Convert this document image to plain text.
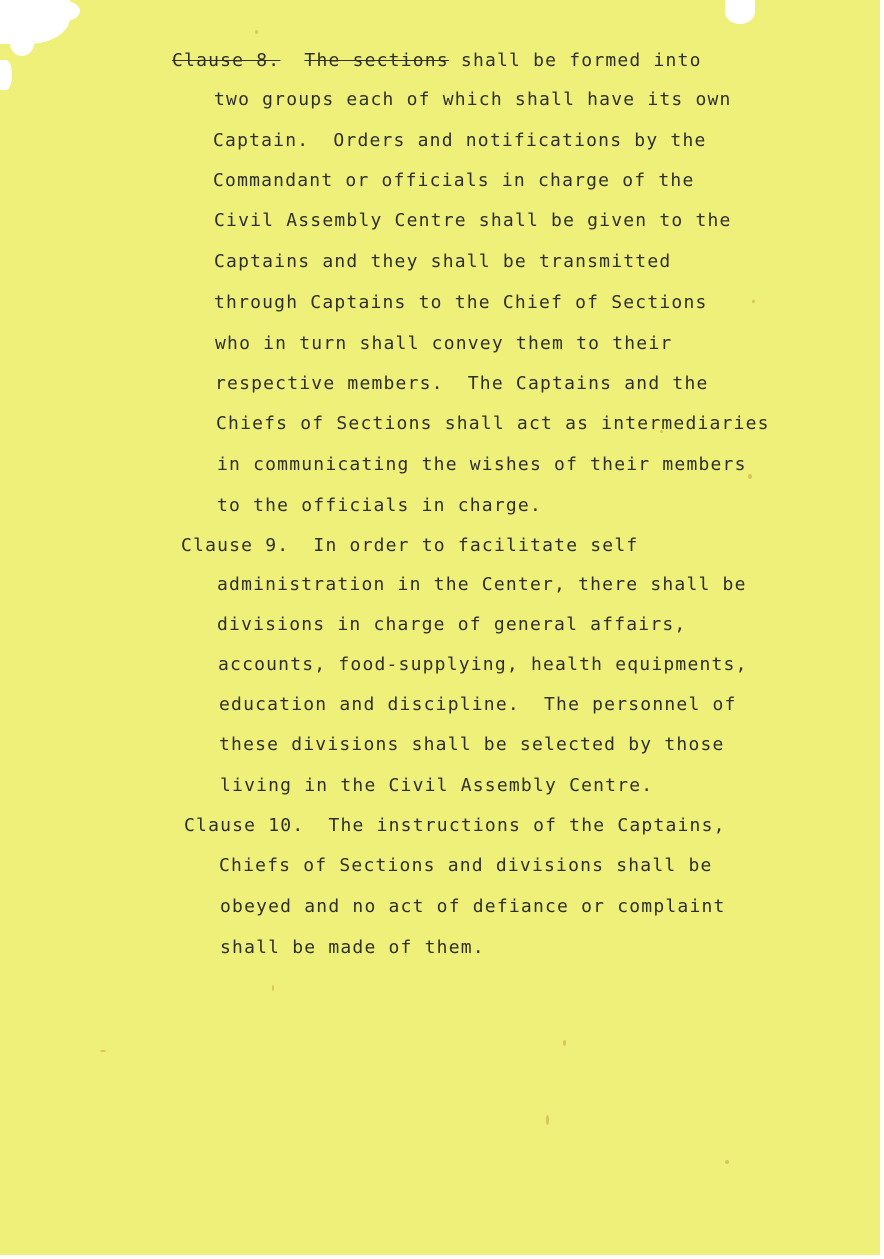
Clause 8. The sections shall be formed into

two groups each of which shall have its own

Captain.  Orders and notifications by the

Commandant or officials in charge of the

Civil Assembly Centre shall be given to the

Captains and they shall be transmitted

through Captains to the Chief of Sections

who in turn shall convey them to their

respective members.  The Captains and the

Chiefs of Sections shall act as intermediaries

in communicating the wishes of their members

to the officials in charge.

Clause 9.  In order to facilitate self

administration in the Center, there shall be

divisions in charge of general affairs,

accounts, food-supplying, health equipments,

education and discipline.  The personnel of

these divisions shall be selected by those

living in the Civil Assembly Centre.

Clause 10.  The instructions of the Captains,

Chiefs of Sections and divisions shall be

obeyed and no act of defiance or complaint

shall be made of them.
